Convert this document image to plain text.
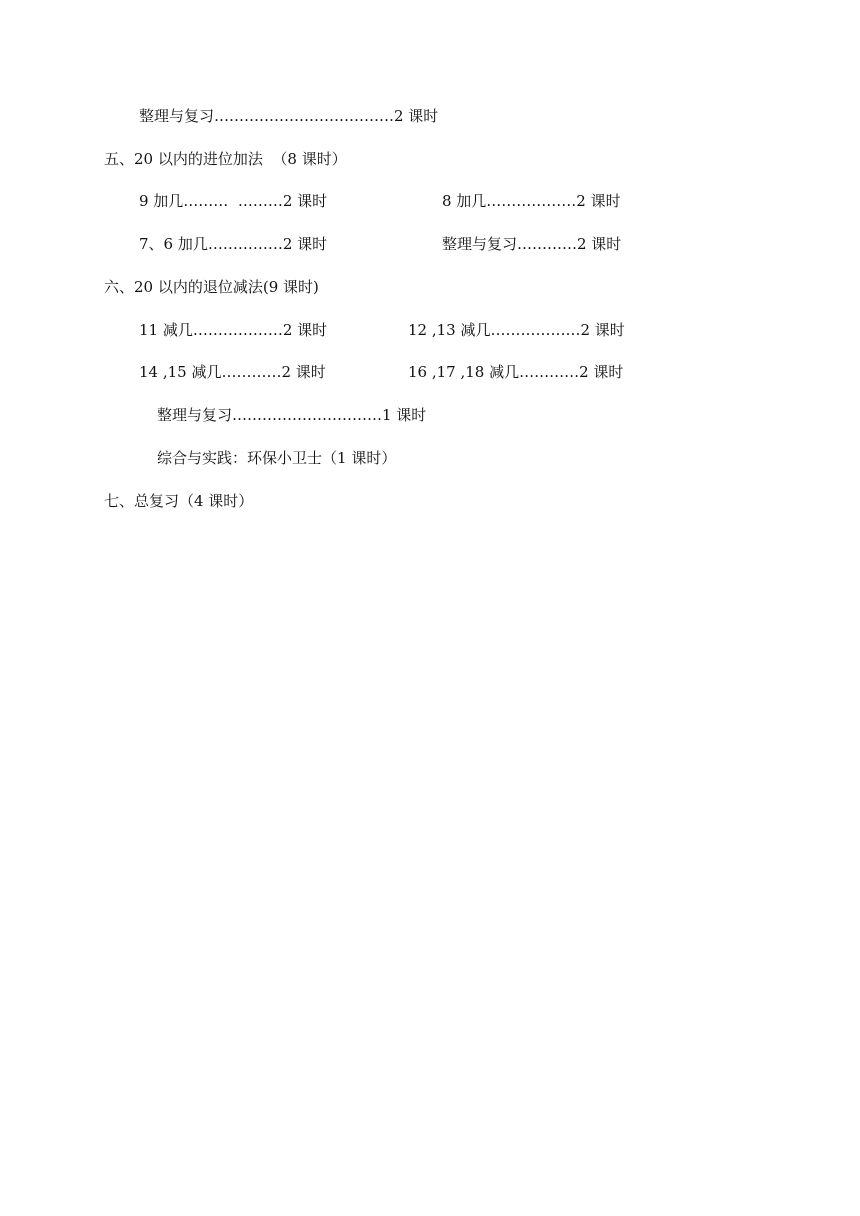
整理与复习………………………………2 课时
五、20 以内的进位加法  （8 课时）
9 加几………  ………2 课时	8 加几………………2 课时
7、6 加几……………2 课时	整理与复习…………2 课时
六、20 以内的退位减法(9 课时)
11 减几………………2 课时	12 ,13 减几………………2 课时
14 ,15 减几…………2 课时	16 ,17 ,18 减几…………2 课时
整理与复习…………………………1 课时
综合与实践：环保小卫士（1 课时）
七、总复习（4 课时）
